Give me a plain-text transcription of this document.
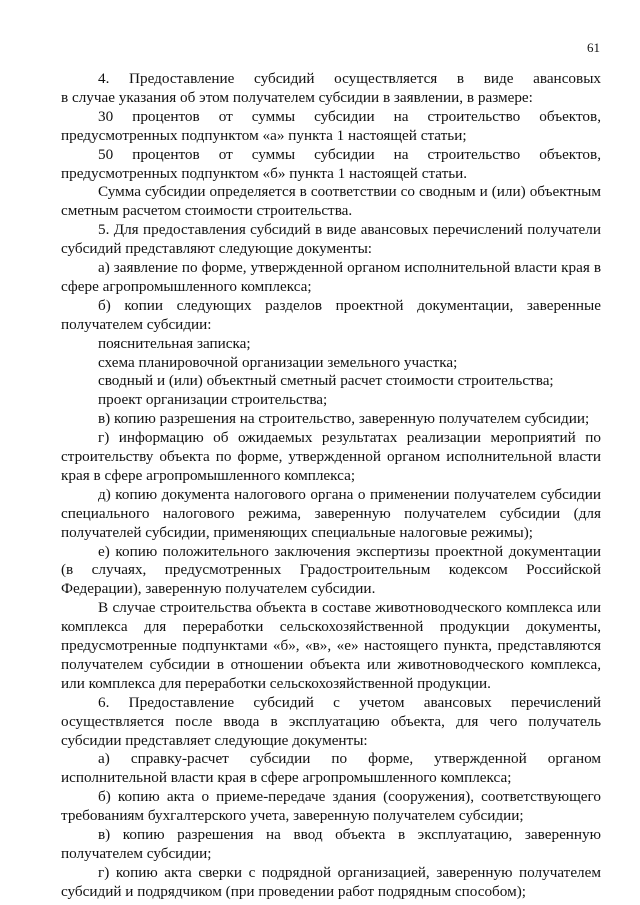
61
4. Предоставление субсидий осуществляется в виде авансовых
в случае указания об этом получателем субсидии в заявлении, в размере:
30 процентов от суммы субсидии на строительство объектов,
предусмотренных подпунктом «а» пункта 1 настоящей статьи;
50 процентов от суммы субсидии на строительство объектов,
предусмотренных подпунктом «б» пункта 1 настоящей статьи.
Сумма субсидии определяется в соответствии со сводным и (или) объектным
сметным расчетом стоимости строительства.
5. Для предоставления субсидий в виде авансовых перечислений получатели
субсидий представляют следующие документы:
а) заявление по форме, утвержденной органом исполнительной власти края в
сфере агропромышленного комплекса;
б) копии следующих разделов проектной документации, заверенные
получателем субсидии:
пояснительная записка;
схема планировочной организации земельного участка;
сводный и (или) объектный сметный расчет стоимости строительства;
проект организации строительства;
в) копию разрешения на строительство, заверенную получателем субсидии;
г) информацию об ожидаемых результатах реализации мероприятий по
строительству объекта по форме, утвержденной органом исполнительной власти
края в сфере агропромышленного комплекса;
д) копию документа налогового органа о применении получателем субсидии
специального налогового режима, заверенную получателем субсидии (для
получателей субсидии, применяющих специальные налоговые режимы);
е) копию положительного заключения экспертизы проектной документации
(в случаях, предусмотренных Градостроительным кодексом Российской
Федерации), заверенную получателем субсидии.
В случае строительства объекта в составе животноводческого комплекса или
комплекса для переработки сельскохозяйственной продукции документы,
предусмотренные подпунктами «б», «в», «е» настоящего пункта, представляются
получателем субсидии в отношении объекта или животноводческого комплекса,
или комплекса для переработки сельскохозяйственной продукции.
6. Предоставление субсидий с учетом авансовых перечислений
осуществляется после ввода в эксплуатацию объекта, для чего получатель
субсидии представляет следующие документы:
а) справку-расчет субсидии по форме, утвержденной органом
исполнительной власти края в сфере агропромышленного комплекса;
б) копию акта о приеме-передаче здания (сооружения), соответствующего
требованиям бухгалтерского учета, заверенную получателем субсидии;
в) копию разрешения на ввод объекта в эксплуатацию, заверенную
получателем субсидии;
г) копию акта сверки с подрядной организацией, заверенную получателем
субсидий и подрядчиком (при проведении работ подрядным способом);
